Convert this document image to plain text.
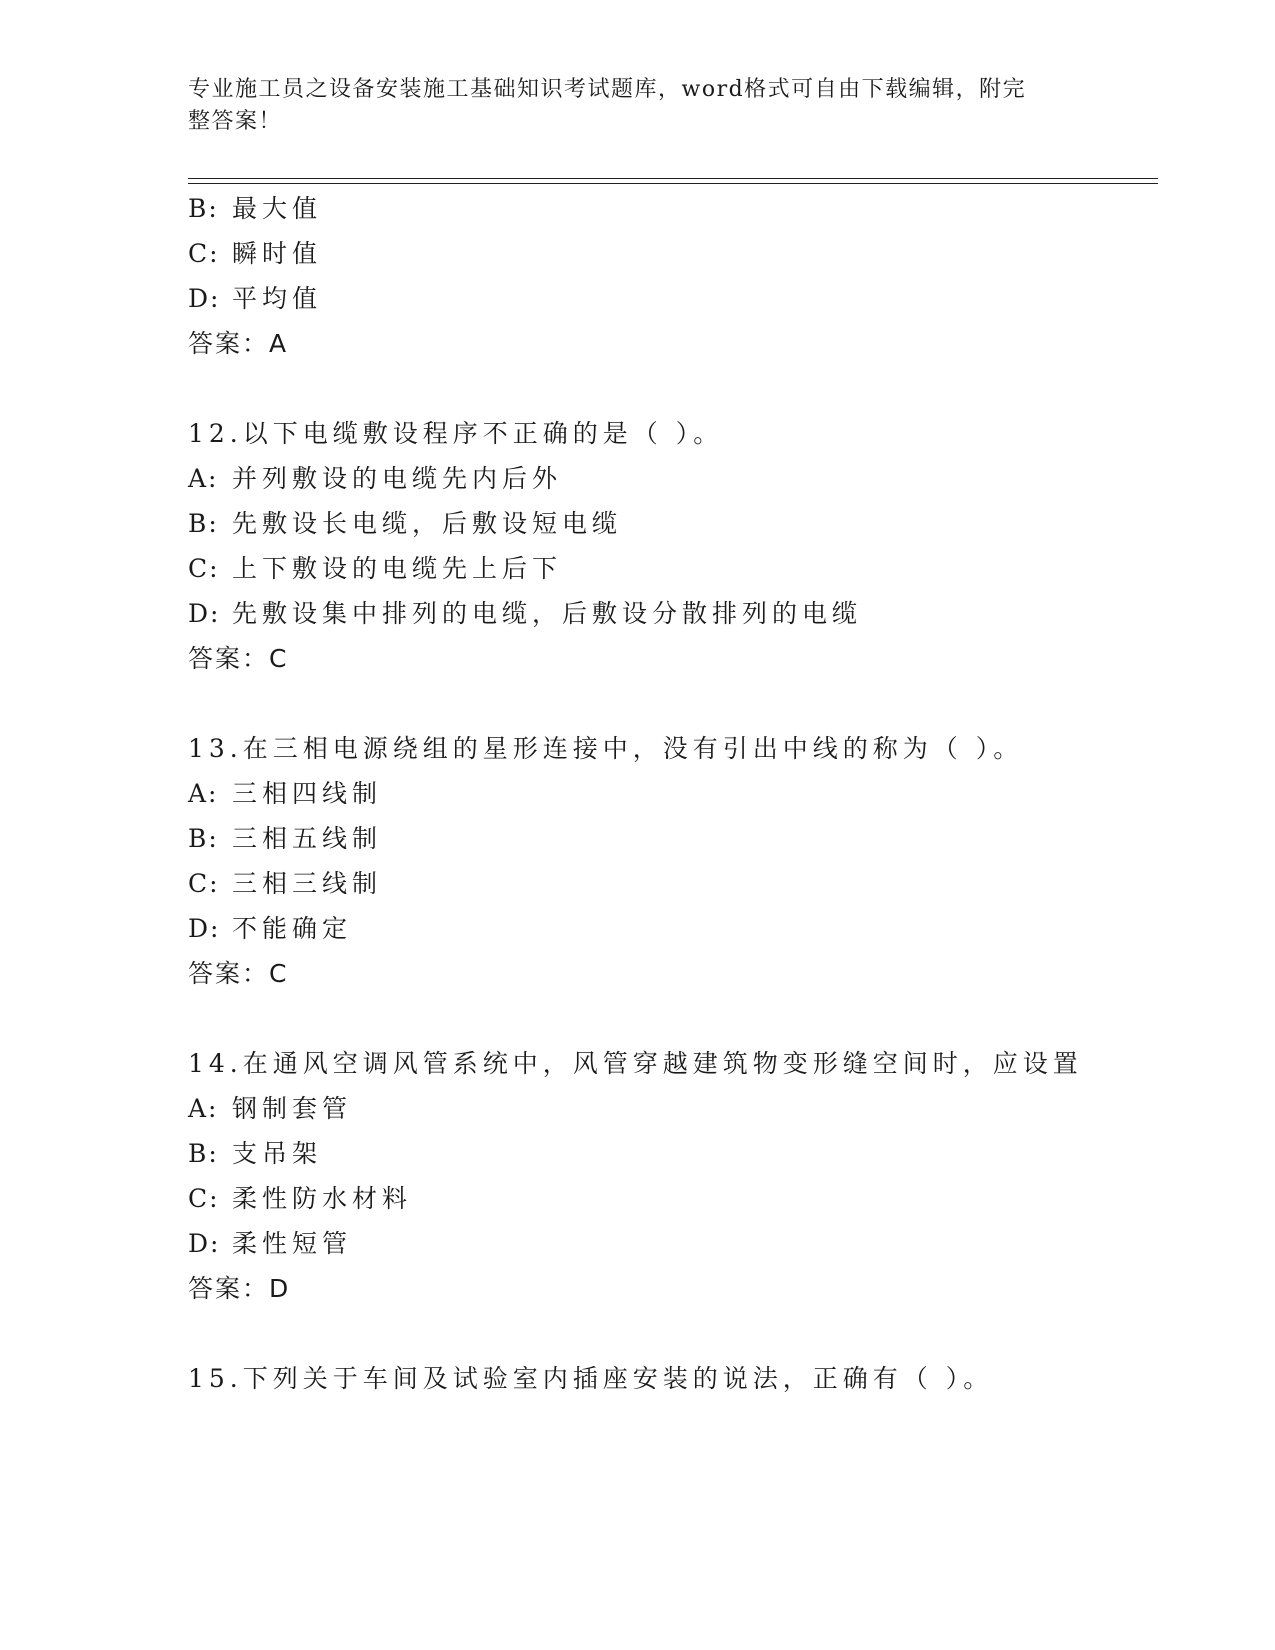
专业施工员之设备安装施工基础知识考试题库，word格式可自由下载编辑，附完
整答案！
B: 最大值
C: 瞬时值
D: 平均值
答案：A
12.以下电缆敷设程序不正确的是（ ）。
A: 并列敷设的电缆先内后外
B: 先敷设长电缆，后敷设短电缆
C: 上下敷设的电缆先上后下
D: 先敷设集中排列的电缆，后敷设分散排列的电缆
答案：C
13.在三相电源绕组的星形连接中，没有引出中线的称为（ ）。
A: 三相四线制
B: 三相五线制
C: 三相三线制
D: 不能确定
答案：C
14.在通风空调风管系统中，风管穿越建筑物变形缝空间时，应设置
A: 钢制套管
B: 支吊架
C: 柔性防水材料
D: 柔性短管
答案：D
15.下列关于车间及试验室内插座安装的说法，正确有（ ）。
